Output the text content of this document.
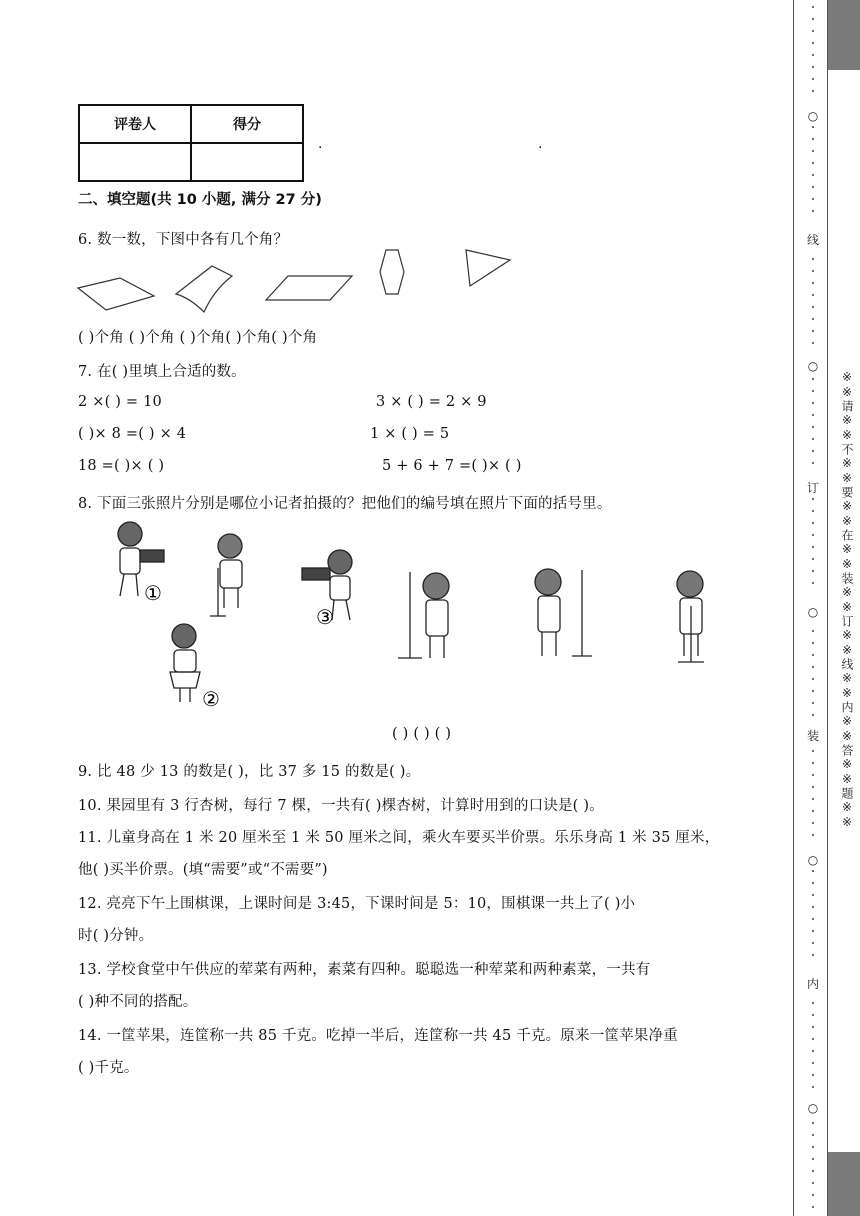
评卷人	得分

.	.
二、填空题(共 10 小题, 满分 27 分)
6. 数一数，下图中各有几个角？
( )个角 ( )个角 ( )个角( )个角( )个角
7. 在( )里填上合适的数。
2 ×( ) = 10	3 × ( ) = 2 × 9
( )× 8 =( ) × 4	1 × ( ) = 5
18 =( )× ( )	5 + 6 + 7 =( )× ( )
8. 下面三张照片分别是哪位小记者拍摄的？把他们的编号填在照片下面的括号里。
①
②
③
( ) ( ) ( )
9. 比 48 少 13 的数是( )，比 37 多 15 的数是( )。
10. 果园里有 3 行杏树，每行 7 棵，一共有( )棵杏树，计算时用到的口诀是( )。
11. 儿童身高在 1 米 20 厘米至 1 米 50 厘米之间，乘火车要买半价票。乐乐身高 1 米 35 厘米，
他( )买半价票。(填“需要”或“不需要”)
12. 亮亮下午上围棋课，上课时间是 3:45，下课时间是 5：10，围棋课一共上了( )小
时( )分钟。
13. 学校食堂中午供应的荤菜有两种，素菜有四种。聪聪选一种荤菜和两种素菜，一共有
( )种不同的搭配。
14. 一筐苹果，连筐称一共 85 千克。吃掉一半后，连筐称一共 45 千克。原来一筐苹果净重
( )千克。
○
线
○
订
○
装
○
内
○
※※请※※不※※要※※在※※装※※订※※线※※内※※答※※题※※
